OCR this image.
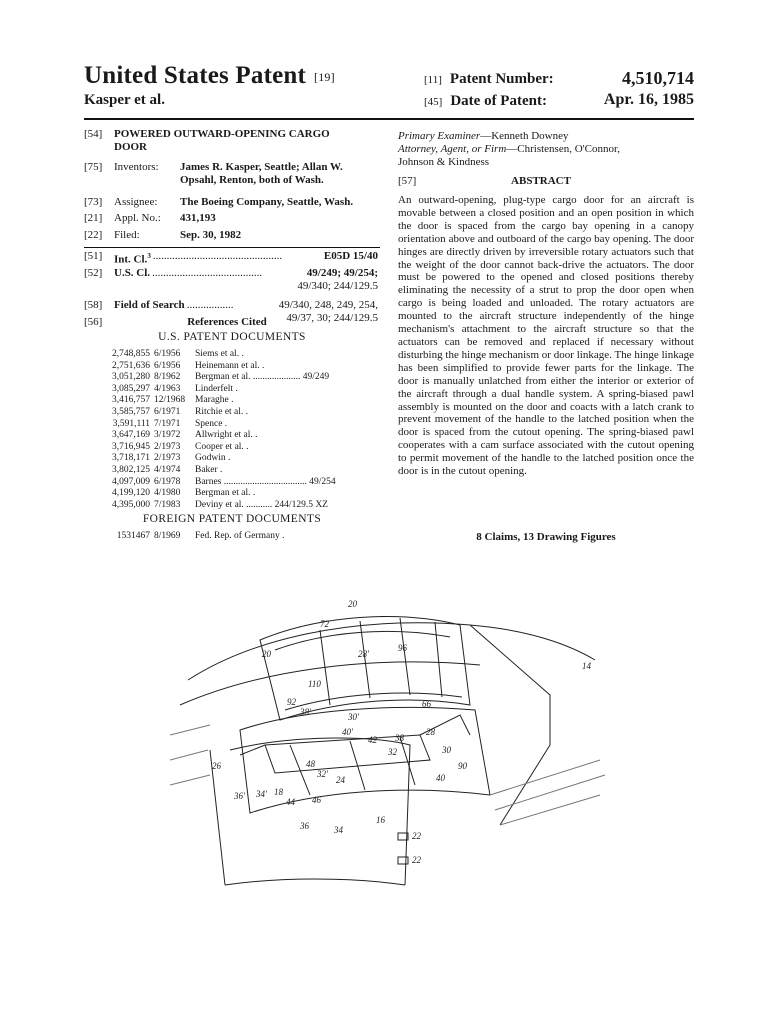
United States Patent [19]
Kasper et al.
[11] Patent Number:	4,510,714
[45] Date of Patent:	Apr. 16, 1985
[54]	POWERED OUTWARD-OPENING CARGO
DOOR
[75]	Inventors:	James R. Kasper, Seattle; Allan W.
Opsahl, Renton, both of Wash.
[73]	Assignee:	The Boeing Company, Seattle, Wash.
[21]	Appl. No.:	431,193
[22]	Filed:	Sep. 30, 1982
[51]	Int. Cl.$^3$ ...............................................	E05D 15/40
[52]	U.S. Cl. ........................................	49/249; 49/254;
49/340; 244/129.5
[58]	Field of Search .................	49/340, 248, 249, 254,
49/37, 30; 244/129.5
[56]	References Cited
U.S. PATENT DOCUMENTS
2,748,855 6/1956	Siems et al. .
2,751,636 6/1956	Heinemann et al. .
3,051,280 8/1962	Bergman et al. .................... 49/249
3,085,297 4/1963	Linderfelt .
3,416,757 12/1968	Maraghe .
3,585,757 6/1971	Ritchie et al. .
3,591,111 7/1971	Spence .
3,647,169 3/1972	Allwright et al. .
3,716,945 2/1973	Cooper et al. .
3,718,171 2/1973	Godwin .
3,802,125 4/1974	Baker .
4,097,009 6/1978	Barnes ................................... 49/254
4,199,120 4/1980	Bergman et al. .
4,395,000 7/1983	Deviny et al. ........... 244/129.5 XZ
FOREIGN PATENT DOCUMENTS
1531467 8/1969	Fed. Rep. of Germany .
Primary Examiner—Kenneth Downey
Attorney, Agent, or Firm—Christensen, O'Connor,
Johnson & Kindness
[57]	ABSTRACT
An outward-opening, plug-type cargo door for an aircraft is movable between a closed position and an open position in which the door is spaced from the cargo bay opening in a canopy orientation above and outboard of the cargo bay opening. The door hinges are directly driven by irreversible rotary actuators such that the weight of the door cannot back-drive the actuators. The door must be powered to the opened and closed positions thereby eliminating the necessity of a strut to prop the door open when cargo is being loaded and unloaded. The rotary actuators are mounted to the aircraft structure independently of the hinge mechanism's attachment to the aircraft structure so that the actuators can be removed and replaced if necessary without disturbing the hinge mechanism or door linkage. The hinge linkage has been simplified to provide fewer parts for the linkage. The door is manually unlatched from either the interior or exterior of the aircraft through a dual handle system. A spring-biased pawl assembly is mounted on the door and coacts with a latch crank to prevent movement of the handle to the latched position when the door is spaced from the cutout opening. The spring-biased pawl cooperates with a cam surface associated with the cutout opening to permit movement of the handle to the latched position once the door is in the cutout opening.
8 Claims, 13 Drawing Figures
20
72
20	28'
96
14
110
92
38'
66
30'
40'
42 38
28
30
90
40
26	48
32
32'
24
36' 34' 18
44 46
16
22
36	34
22
